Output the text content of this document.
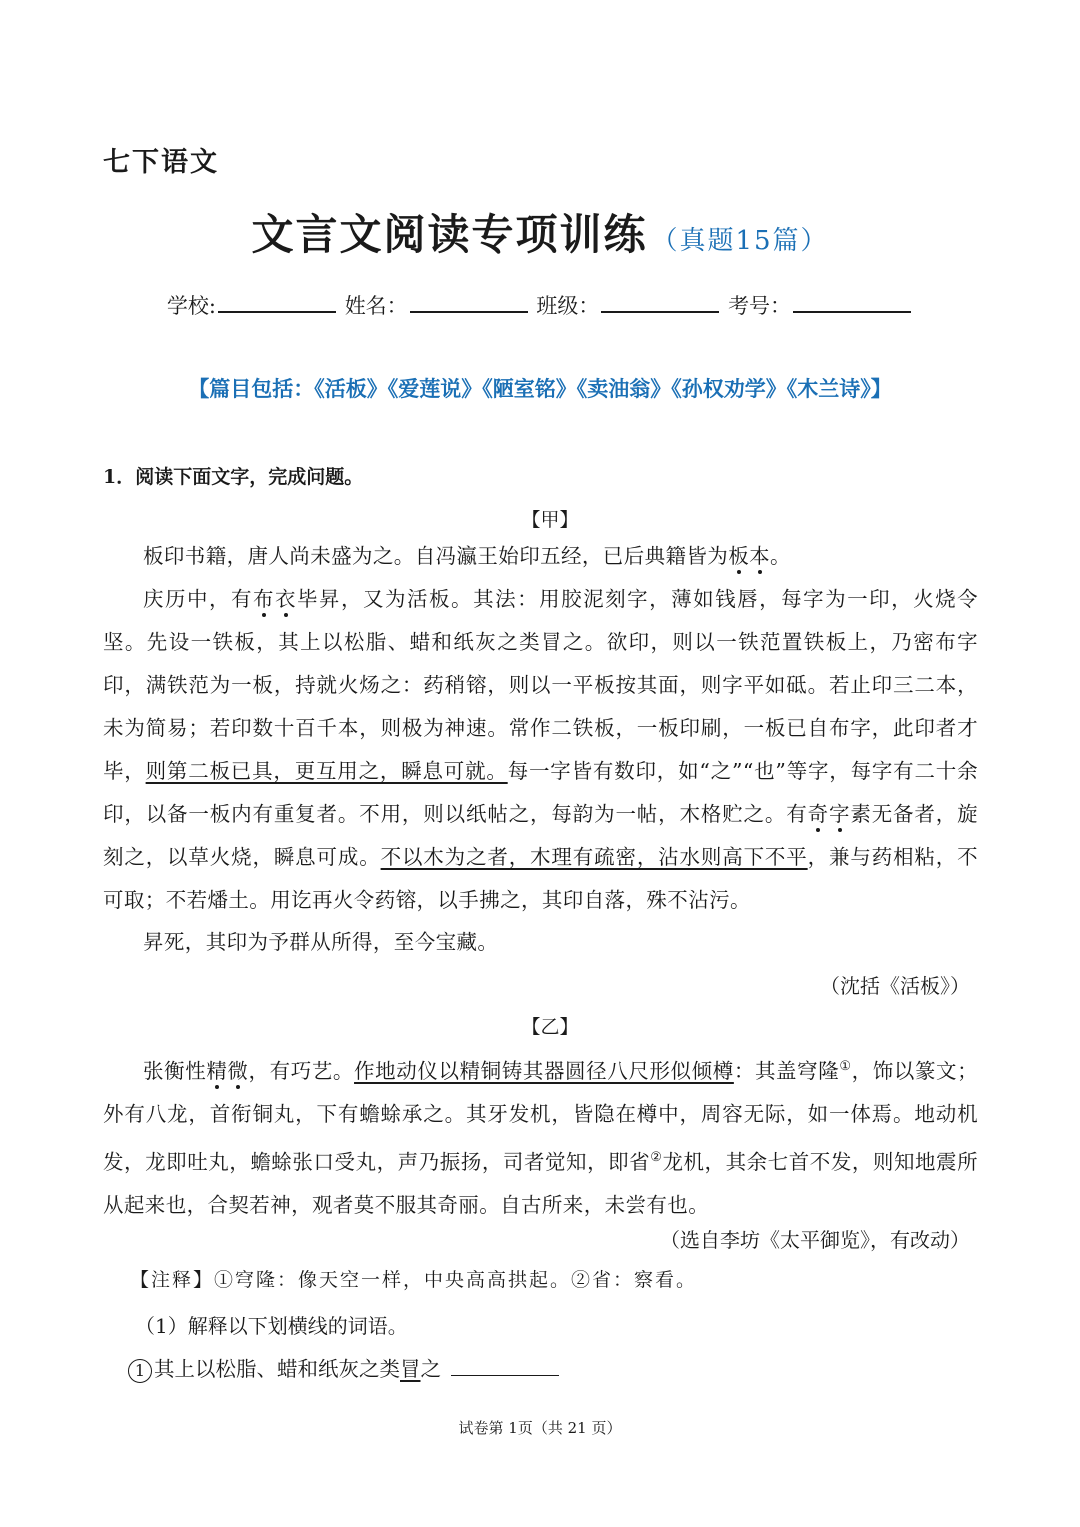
七下语文
文言文阅读专项训练 （真题15篇）
学校:	姓名：	班级：	考号：
【篇目包括：《活板》《爱莲说》《陋室铭》《卖油翁》《孙权劝学》《木兰诗》】
1．阅读下面文字，完成问题。
【甲】
板印书籍，唐人尚未盛为之。自冯瀛王始印五经，已后典籍皆为板本。
庆历中，有布衣毕昇，又为活板。其法：用胶泥刻字，薄如钱唇，每字为一印，火烧令坚。先设一铁板，其上以松脂、蜡和纸灰之类冒之。欲印，则以一铁范置铁板上，乃密布字印，满铁范为一板，持就火炀之：药稍镕，则以一平板按其面，则字平如砥。若止印三二本，未为简易；若印数十百千本，则极为神速。常作二铁板，一板印刷，一板已自布字，此印者才毕，则第二板已具，更互用之，瞬息可就。每一字皆有数印，如“之”“也”等字，每字有二十余印，以备一板内有重复者。不用，则以纸帖之，每韵为一帖，木格贮之。有奇字素无备者，旋刻之，以草火烧，瞬息可成。不以木为之者，木理有疏密，沾水则高下不平，兼与药相粘，不可取；不若燔土。用讫再火令药镕，以手拂之，其印自落，殊不沾污。
昇死，其印为予群从所得，至今宝藏。
（沈括《活板》）
【乙】
张衡性精微，有巧艺。作地动仪以精铜铸其器圆径八尺形似倾樽：其盖穹隆①，饰以篆文；外有八龙，首衔铜丸，下有蟾蜍承之。其牙发机，皆隐在樽中，周容无际，如一体焉。地动机发，龙即吐丸，蟾蜍张口受丸，声乃振扬，司者觉知，即省②龙机，其余七首不发，则知地震所从起来也，合契若神，观者莫不服其奇丽。自古所来，未尝有也。
（选自李坊《太平御览》，有改动）
【注释】①穹隆：像天空一样，中央高高拱起。②省：察看。
（1）解释以下划横线的词语。
1 其上以松脂、蜡和纸灰之类冒之
试卷第 1页（共 21 页）
